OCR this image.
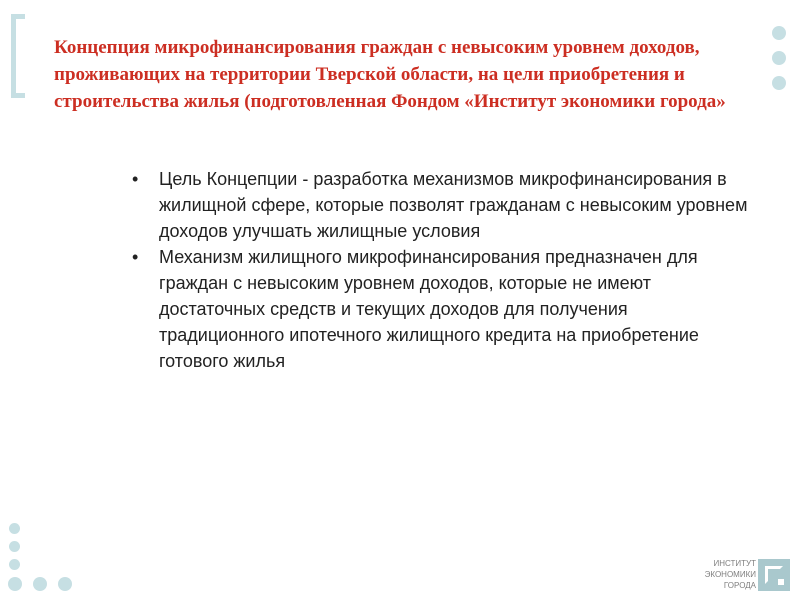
Концепция микрофинансирования граждан с невысоким уровнем доходов, проживающих на территории Тверской области, на цели приобретения и строительства жилья (подготовленная Фондом «Институт экономики города»
• Цель Концепции - разработка механизмов микрофинансирования в жилищной сфере, которые позволят гражданам с невысоким уровнем доходов улучшать жилищные условия
• Механизм жилищного микрофинансирования предназначен для граждан с невысоким уровнем доходов, которые не имеют достаточных средств и текущих доходов для получения традиционного ипотечного жилищного кредита на приобретение готового жилья
ИНСТИТУТ
ЭКОНОМИКИ
ГОРОДА
